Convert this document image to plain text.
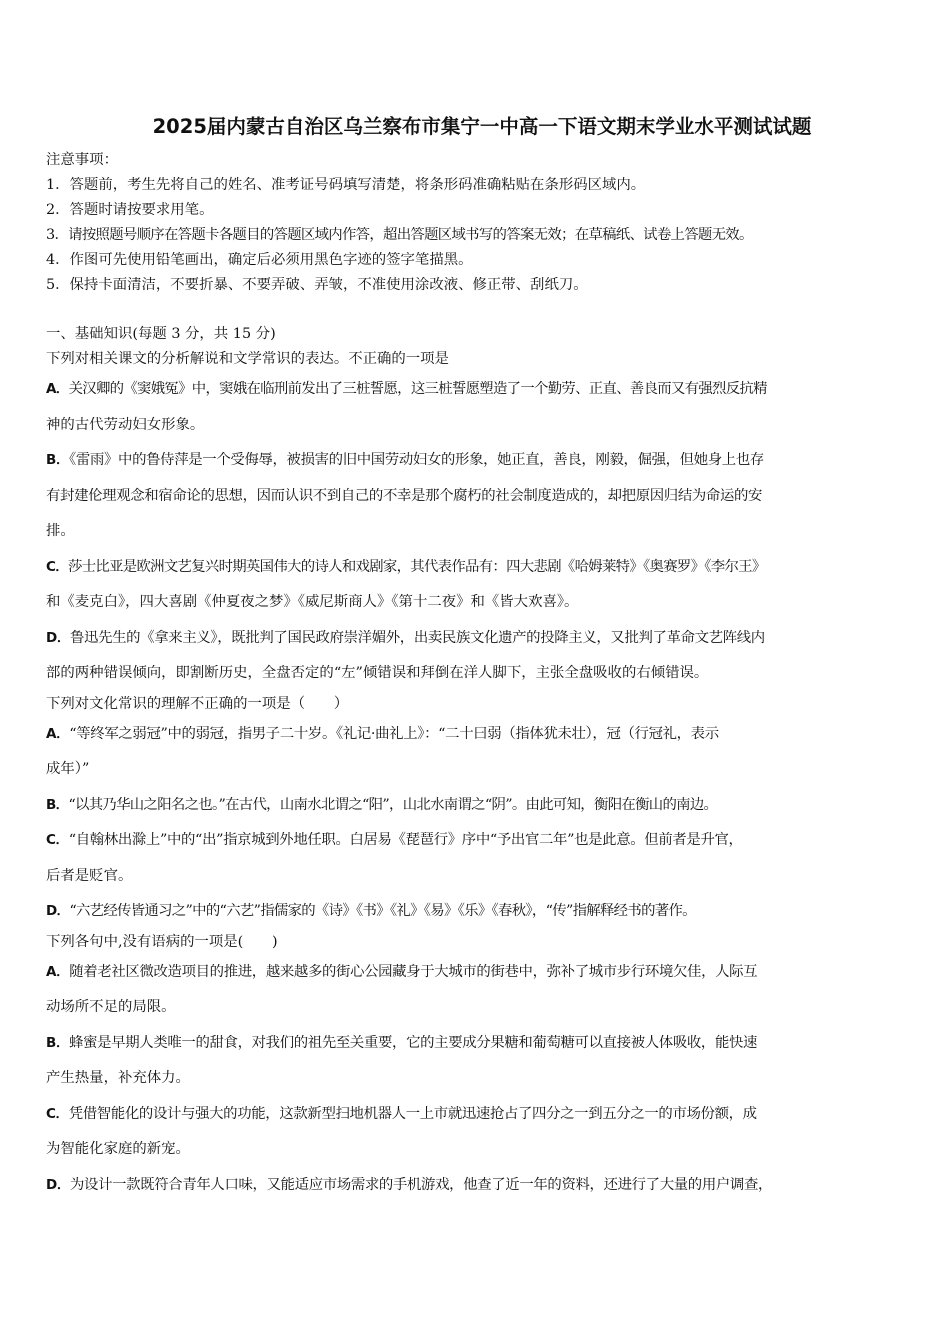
2025届内蒙古自治区乌兰察布市集宁一中高一下语文期末学业水平测试试题

注意事项：

1．答题前，考生先将自己的姓名、准考证号码填写清楚，将条形码准确粘贴在条形码区域内。

2．答题时请按要求用笔。

3．请按照题号顺序在答题卡各题目的答题区域内作答，超出答题区域书写的答案无效；在草稿纸、试卷上答题无效。

4．作图可先使用铅笔画出，确定后必须用黑色字迹的签字笔描黑。

5．保持卡面清洁，不要折暴、不要弄破、弄皱，不准使用涂改液、修正带、刮纸刀。

一、基础知识(每题 3 分，共 15 分)

下列对相关课文的分析解说和文学常识的表达。不正确的一项是

A．关汉卿的《窦娥冤》中，窦娥在临刑前发出了三桩誓愿，这三桩誓愿塑造了一个勤劳、正直、善良而又有强烈反抗精

神的古代劳动妇女形象。

B．《雷雨》中的鲁侍萍是一个受侮辱，被损害的旧中国劳动妇女的形象，她正直，善良，刚毅，倔强，但她身上也存

有封建伦理观念和宿命论的思想，因而认识不到自己的不幸是那个腐朽的社会制度造成的，却把原因归结为命运的安

排。

C．莎士比亚是欧洲文艺复兴时期英国伟大的诗人和戏剧家，其代表作品有：四大悲剧《哈姆莱特》《奥赛罗》《李尔王》

和《麦克白》，四大喜剧《仲夏夜之梦》《威尼斯商人》《第十二夜》和《皆大欢喜》。

D．鲁迅先生的《拿来主义》，既批判了国民政府崇洋媚外，出卖民族文化遗产的投降主义，又批判了革命文艺阵线内

部的两种错误倾向，即割断历史，全盘否定的“左”倾错误和拜倒在洋人脚下，主张全盘吸收的右倾错误。

下列对文化常识的理解不正确的一项是（　　）

A．“等终军之弱冠”中的弱冠，指男子二十岁。《礼记·曲礼上》：“二十曰弱（指体犹未壮），冠（行冠礼，表示

成年）”

B．“以其乃华山之阳名之也。”在古代，山南水北谓之“阳”，山北水南谓之“阴”。由此可知，衡阳在衡山的南边。

C．“自翰林出滁上”中的“出”指京城到外地任职。白居易《琵琶行》序中“予出官二年”也是此意。但前者是升官，

后者是贬官。

D．“六艺经传皆通习之”中的“六艺”指儒家的《诗》《书》《礼》《易》《乐》《春秋》，“传”指解释经书的著作。

下列各句中,没有语病的一项是(　　)

A．随着老社区微改造项目的推进，越来越多的街心公园藏身于大城市的街巷中，弥补了城市步行环境欠佳，人际互

动场所不足的局限。

B．蜂蜜是早期人类唯一的甜食，对我们的祖先至关重要，它的主要成分果糖和葡萄糖可以直接被人体吸收，能快速

产生热量，补充体力。

C．凭借智能化的设计与强大的功能，这款新型扫地机器人一上市就迅速抢占了四分之一到五分之一的市场份额，成

为智能化家庭的新宠。

D．为设计一款既符合青年人口味，又能适应市场需求的手机游戏，他查了近一年的资料，还进行了大量的用户调查，
